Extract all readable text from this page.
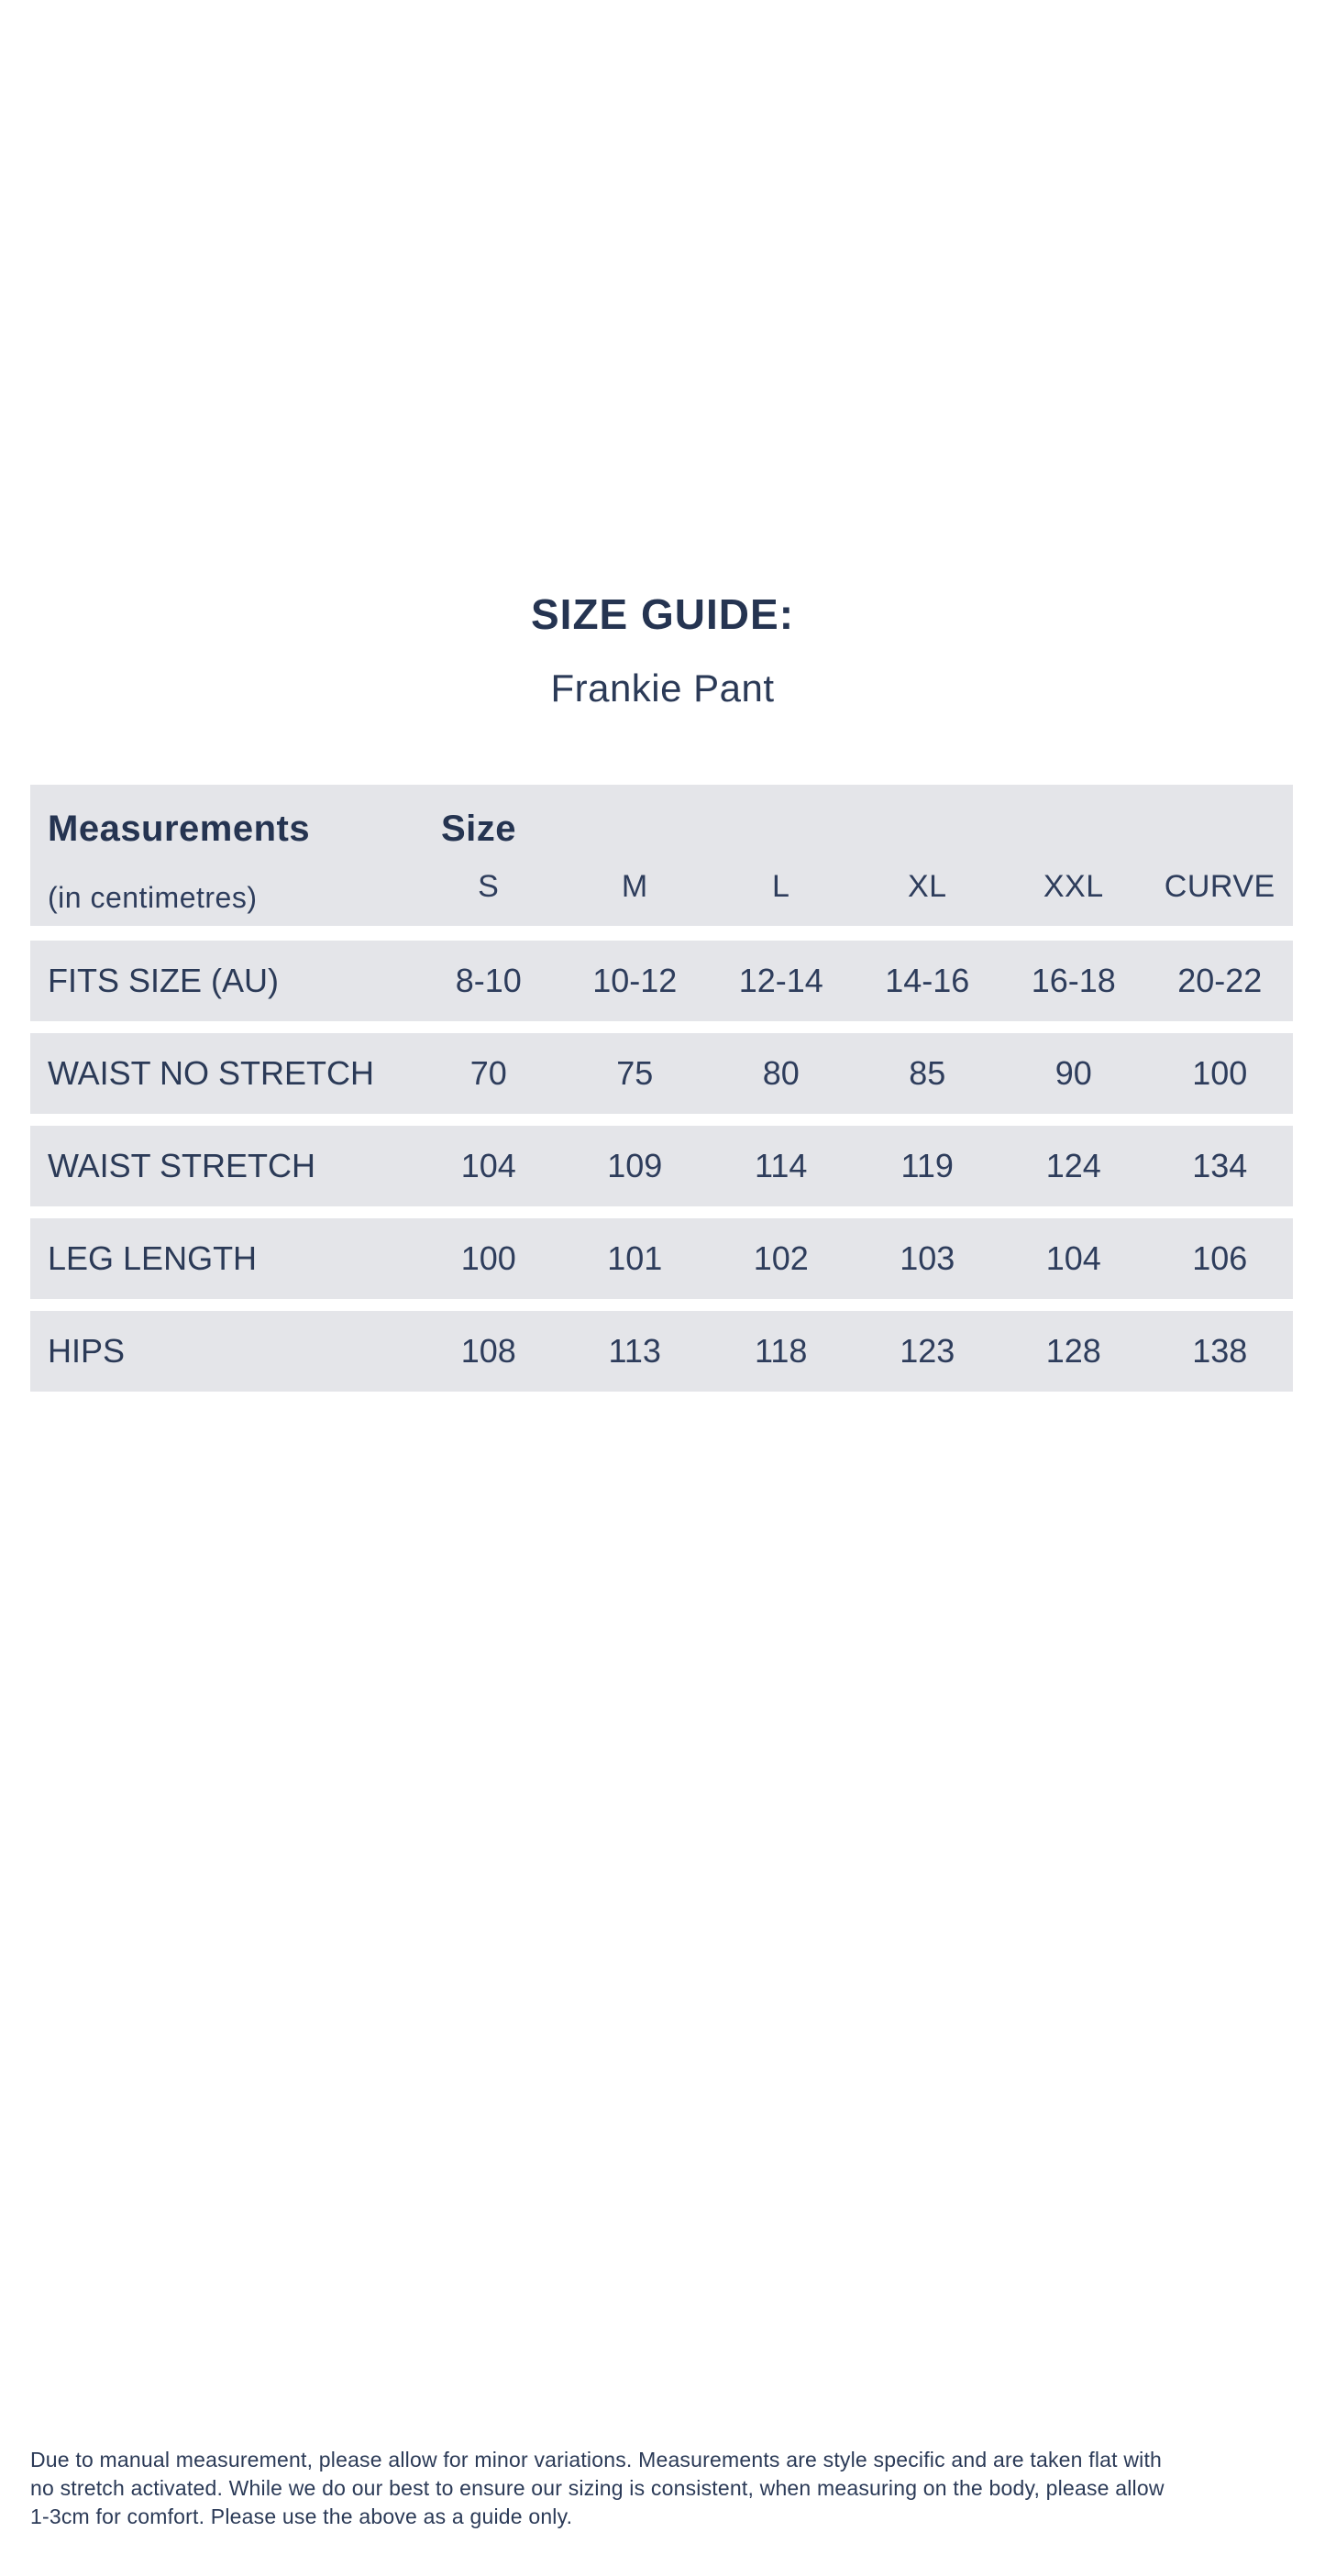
SIZE GUIDE:
Frankie Pant
Measurements	Size
(in centimetres)	S	M	L	XL	XXL	CURVE
FITS SIZE (AU)	8-10	10-12	12-14	14-16	16-18	20-22
WAIST NO STRETCH	70	75	80	85	90	100
WAIST STRETCH	104	109	114	119	124	134
LEG LENGTH	100	101	102	103	104	106
HIPS	108	113	118	123	128	138
Due to manual measurement, please allow for minor variations. Measurements are style specific and are taken flat with
no stretch activated. While we do our best to ensure our sizing is consistent, when measuring on the body, please allow
1-3cm for comfort. Please use the above as a guide only.
